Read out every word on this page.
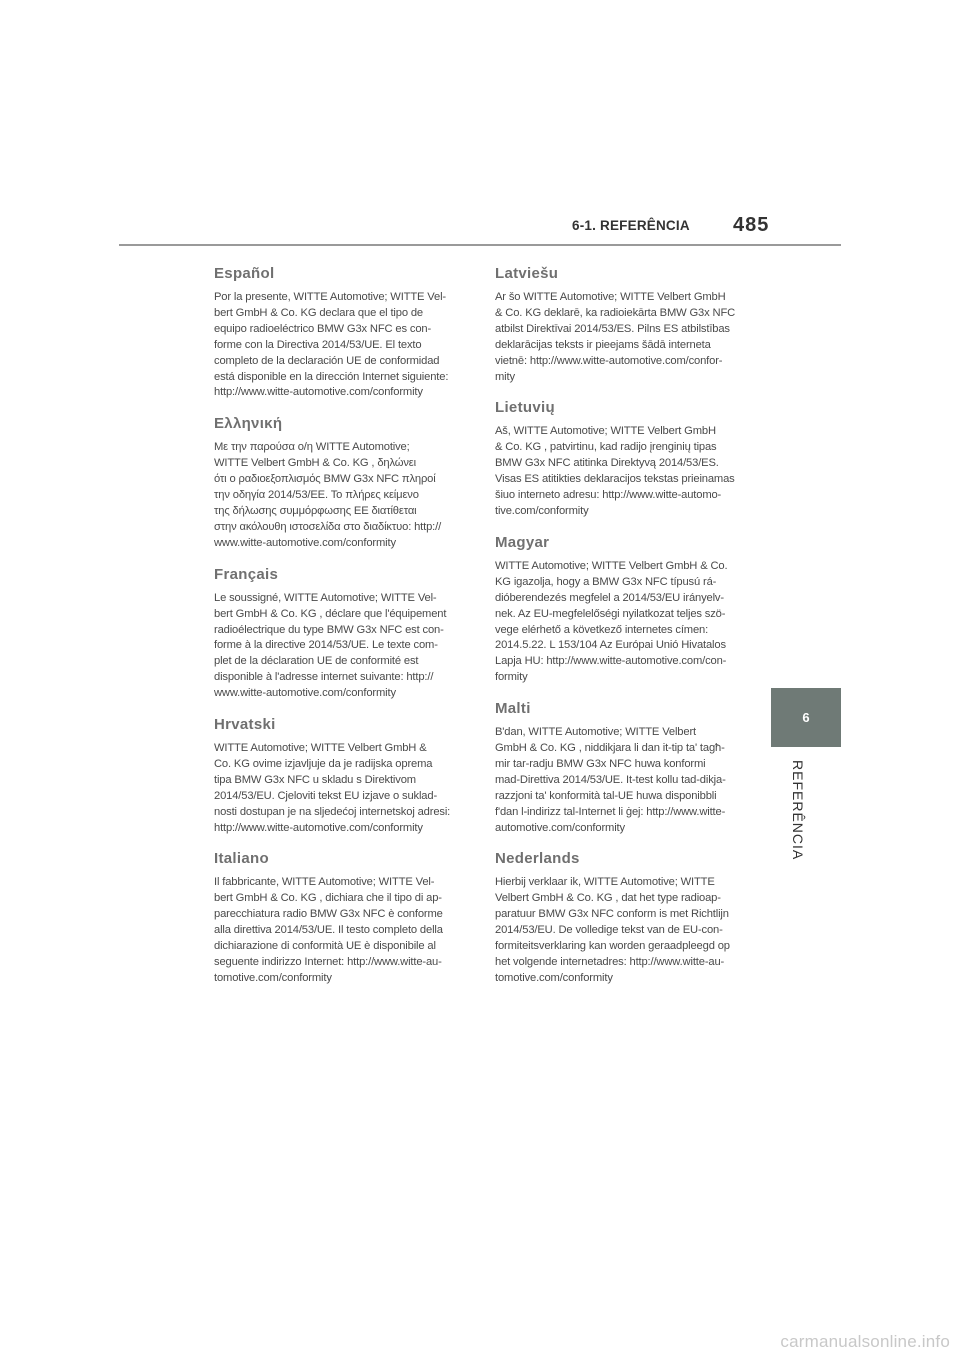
6-1. REFERÊNCIA 485
Español

Por la presente, WITTE Automotive; WITTE Vel-
bert GmbH & Co. KG declara que el tipo de
equipo radioeléctrico BMW G3x NFC es con-
forme con la Directiva 2014/53/UE. El texto
completo de la declaración UE de conformidad
está disponible en la dirección Internet siguiente:
http://www.witte-automotive.com/conformity

Ελληνική

Με την παρούσα ο/η WITTE Automotive;
WITTE Velbert GmbH & Co. KG , δηλώνει
ότι ο ραδιοεξοπλισμός BMW G3x NFC πληροί
την οδηγία 2014/53/ΕΕ. Το πλήρες κείμενο
της δήλωσης συμμόρφωσης ΕΕ διατίθεται
στην ακόλουθη ιστοσελίδα στο διαδίκτυο: http://
www.witte-automotive.com/conformity

Français

Le soussigné, WITTE Automotive; WITTE Vel-
bert GmbH & Co. KG , déclare que l'équipement
radioélectrique du type BMW G3x NFC est con-
forme à la directive 2014/53/UE. Le texte com-
plet de la déclaration UE de conformité est
disponible à l'adresse internet suivante: http://
www.witte-automotive.com/conformity

Hrvatski

WITTE Automotive; WITTE Velbert GmbH &
Co. KG ovime izjavljuje da je radijska oprema
tipa BMW G3x NFC u skladu s Direktivom
2014/53/EU. Cjeloviti tekst EU izjave o suklad-
nosti dostupan je na sljedećoj internetskoj adresi:
http://www.witte-automotive.com/conformity

Italiano

Il fabbricante, WITTE Automotive; WITTE Vel-
bert GmbH & Co. KG , dichiara che il tipo di ap-
parecchiatura radio BMW G3x NFC è conforme
alla direttiva 2014/53/UE. Il testo completo della
dichiarazione di conformità UE è disponibile al
seguente indirizzo Internet: http://www.witte-au-
tomotive.com/conformity

Latviešu

Ar šo WITTE Automotive; WITTE Velbert GmbH
& Co. KG deklarē, ka radioiekārta BMW G3x NFC
atbilst Direktīvai 2014/53/ES. Pilns ES atbilstības
deklarācijas teksts ir pieejams šādā interneta
vietnē: http://www.witte-automotive.com/confor-
mity

Lietuvių

Aš, WITTE Automotive; WITTE Velbert GmbH
& Co. KG , patvirtinu, kad radijo įrenginių tipas
BMW G3x NFC atitinka Direktyvą 2014/53/ES.
Visas ES atitikties deklaracijos tekstas prieinamas
šiuo interneto adresu: http://www.witte-automo-
tive.com/conformity

Magyar

WITTE Automotive; WITTE Velbert GmbH & Co.
KG igazolja, hogy a BMW G3x NFC típusú rá-
dióberendezés megfelel a 2014/53/EU irányelv-
nek. Az EU-megfelelőségi nyilatkozat teljes szö-
vege elérhető a következő internetes címen:
2014.5.22. L 153/104 Az Európai Unió Hivatalos
Lapja HU: http://www.witte-automotive.com/con-
formity

Malti

B'dan, WITTE Automotive; WITTE Velbert
GmbH & Co. KG , niddikjara li dan it-tip ta' tagħ-
mir tar-radju BMW G3x NFC huwa konformi
mad-Direttiva 2014/53/UE. It-test kollu tad-dikja-
razzjoni ta' konformità tal-UE huwa disponibbli
f'dan l-indirizz tal-Internet li ġej: http://www.witte-
automotive.com/conformity

Nederlands

Hierbij verklaar ik, WITTE Automotive; WITTE
Velbert GmbH & Co. KG , dat het type radioap-
paratuur BMW G3x NFC conform is met Richtlijn
2014/53/EU. De volledige tekst van de EU-con-
formiteitsverklaring kan worden geraadpleegd op
het volgende internetadres: http://www.witte-au-
tomotive.com/conformity

6
REFERÊNCIA
carmanualsonline.info
